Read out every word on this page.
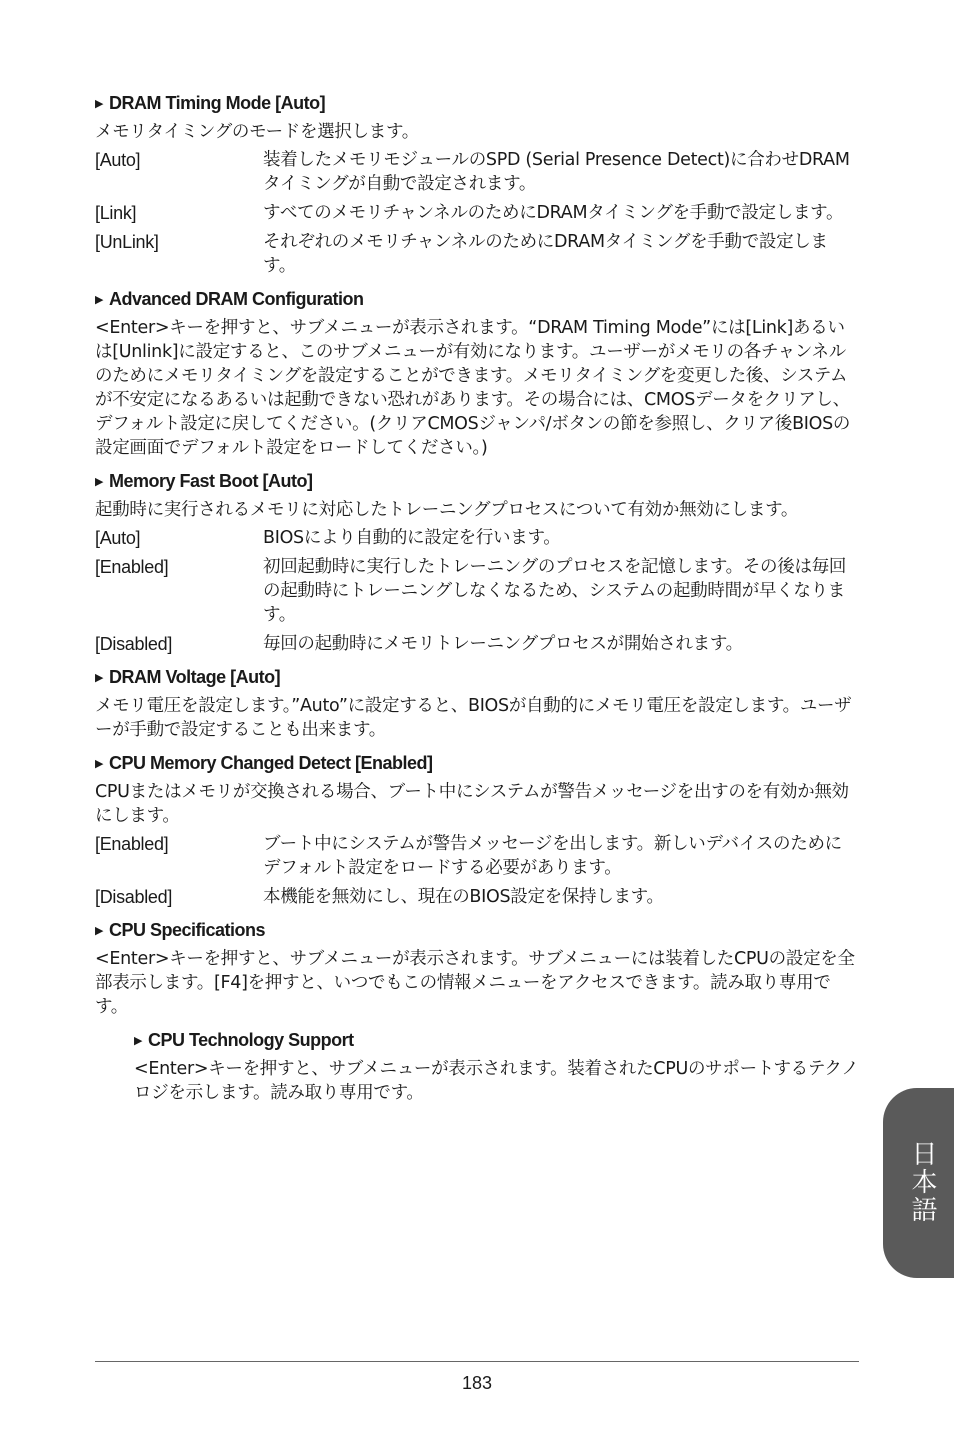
▶ DRAM Timing Mode [Auto]

メモリタイミングのモードを選択します。

[Auto]	装着したメモリモジュールのSPD (Serial Presence Detect)に合わせDRAMタイミングが自動で設定されます。
[Link]	すべてのメモリチャンネルのためにDRAMタイミングを手動で設定します。
[UnLink]	それぞれのメモリチャンネルのためにDRAMタイミングを手動で設定します。
▶ Advanced DRAM Configuration

<Enter>キーを押すと、サブメニューが表示されます。“DRAM Timing Mode”には[Link]あるいは[Unlink]に設定すると、このサブメニューが有効になります。ユーザーがメモリの各チャンネルのためにメモリタイミングを設定することができます。メモリタイミングを変更した後、システムが不安定になるあるいは起動できない恐れがあります。その場合には、CMOSデータをクリアし、デフォルト設定に戻してください。(クリアCMOSジャンパ/ボタンの節を参照し、クリア後BIOSの設定画面でデフォルト設定をロードしてください。)

▶ Memory Fast Boot [Auto]

起動時に実行されるメモリに対応したトレーニングプロセスについて有効か無効にします。

[Auto]	BIOSにより自動的に設定を行います。
[Enabled]	初回起動時に実行したトレーニングのプロセスを記憶します。その後は毎回の起動時にトレーニングしなくなるため、システムの起動時間が早くなります。
[Disabled]	毎回の起動時にメモリトレーニングプロセスが開始されます。
▶ DRAM Voltage [Auto]

メモリ電圧を設定します。”Auto”に設定すると、BIOSが自動的にメモリ電圧を設定します。ユーザーが手動で設定することも出来ます。

▶ CPU Memory Changed Detect [Enabled]

CPUまたはメモリが交換される場合、ブート中にシステムが警告メッセージを出すのを有効か無効にします。

[Enabled]	ブート中にシステムが警告メッセージを出します。新しいデバイスのためにデフォルト設定をロードする必要があります。
[Disabled]	本機能を無効にし、現在のBIOS設定を保持します。
▶ CPU Specifications

<Enter>キーを押すと、サブメニューが表示されます。サブメニューには装着したCPUの設定を全部表示します。[F4]を押すと、いつでもこの情報メニューをアクセスできます。読み取り専用です。

▶ CPU Technology Support

<Enter>キーを押すと、サブメニューが表示されます。装着されたCPUのサポートするテクノロジを示します。読み取り専用です。

日本語
183
